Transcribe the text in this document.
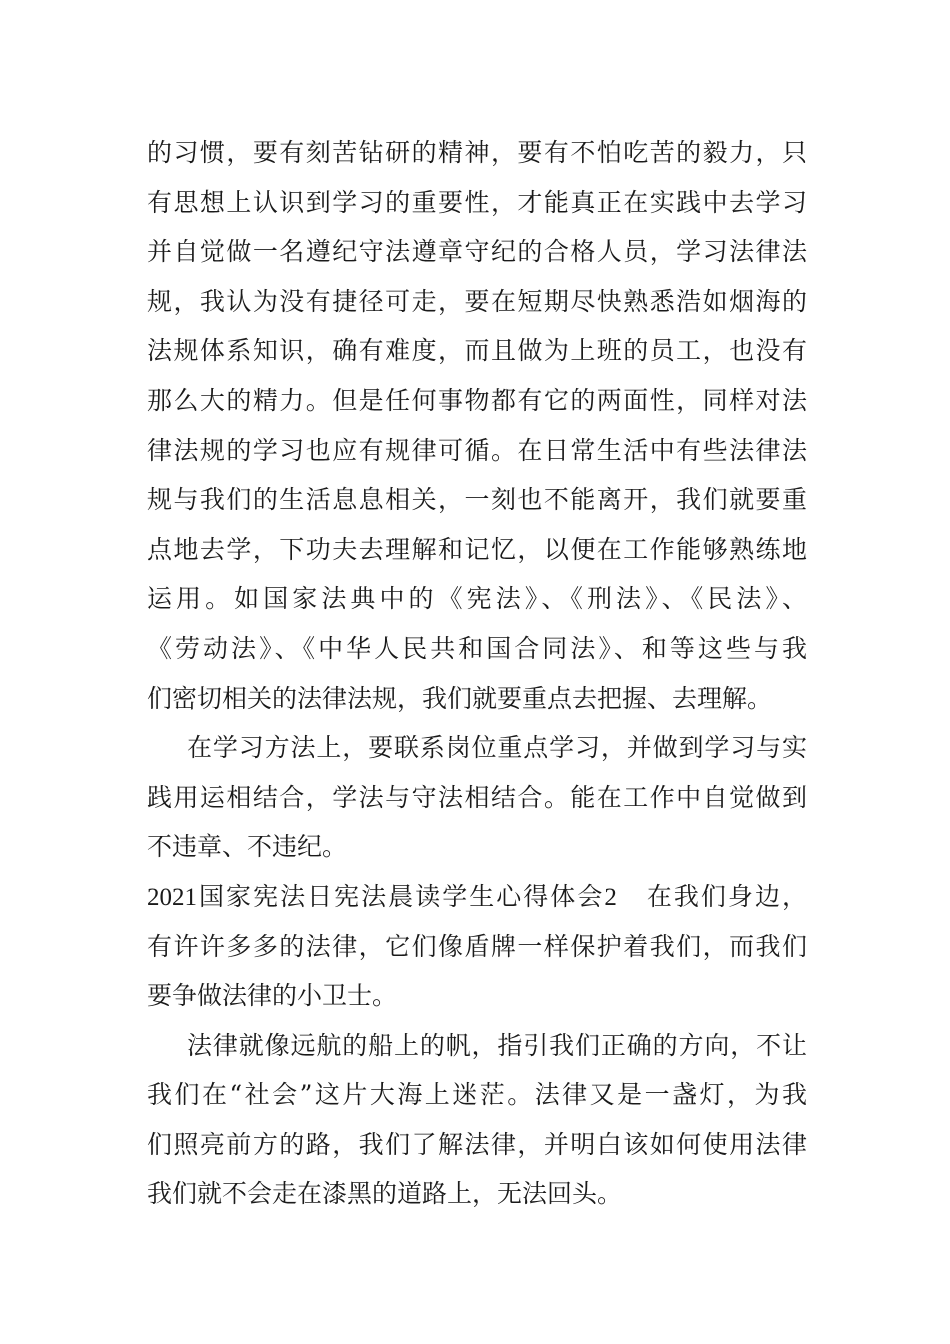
的习惯，要有刻苦钻研的精神，要有不怕吃苦的毅力，只
有思想上认识到学习的重要性，才能真正在实践中去学习
并自觉做一名遵纪守法遵章守纪的合格人员，学习法律法
规，我认为没有捷径可走，要在短期尽快熟悉浩如烟海的
法规体系知识，确有难度，而且做为上班的员工，也没有
那么大的精力。但是任何事物都有它的两面性，同样对法
律法规的学习也应有规律可循。在日常生活中有些法律法
规与我们的生活息息相关，一刻也不能离开，我们就要重
点地去学，下功夫去理解和记忆，以便在工作能够熟练地
运用。如国家法典中的《宪法》、《刑法》、《民法》、
《劳动法》、《中华人民共和国合同法》、和等这些与我
们密切相关的法律法规，我们就要重点去把握、去理解。
在学习方法上，要联系岗位重点学习，并做到学习与实
践用运相结合，学法与守法相结合。能在工作中自觉做到
不违章、不违纪。
2021国家宪法日宪法晨读学生心得体会2 在我们身边，
有许许多多的法律，它们像盾牌一样保护着我们，而我们
要争做法律的小卫士。
法律就像远航的船上的帆，指引我们正确的方向，不让
我们在“社会”这片大海上迷茫。法律又是一盏灯，为我
们照亮前方的路，我们了解法律，并明白该如何使用法律
我们就不会走在漆黑的道路上，无法回头。
